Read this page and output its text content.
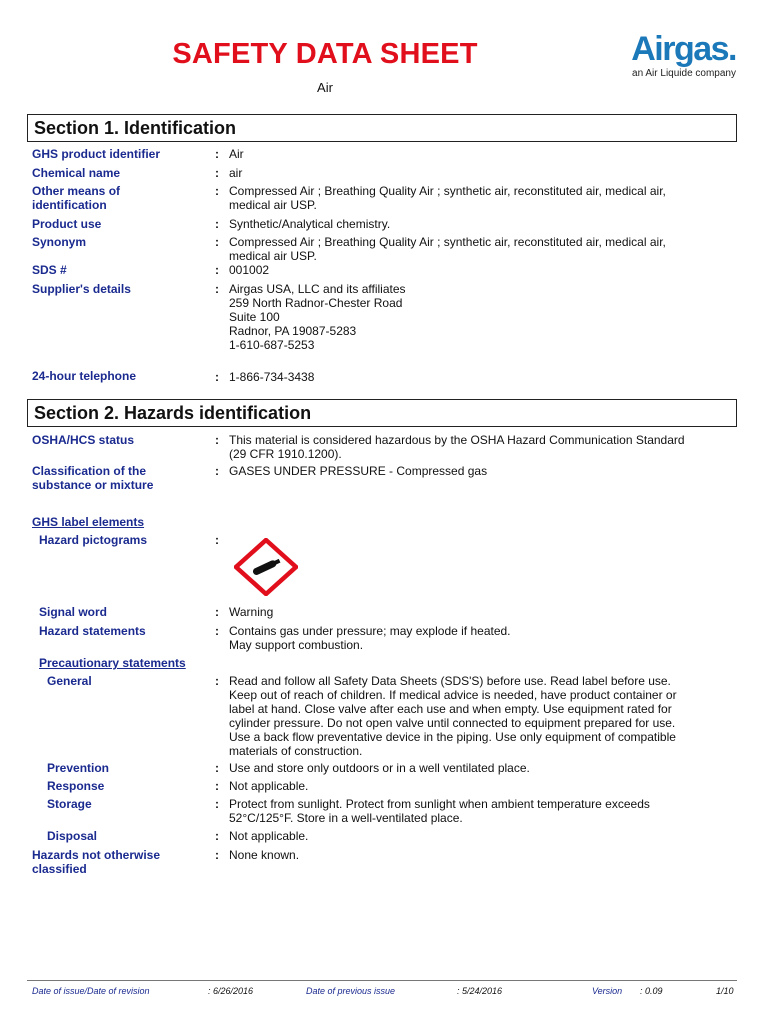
SAFETY DATA SHEET
Air
Airgas.
an Air Liquide company
Section 1. Identification
GHS product identifier	: Air
Chemical name	: air
Other means of
identification
: Compressed Air ; Breathing Quality Air ; synthetic air, reconstituted air, medical air,
medical air USP.
Product use	: Synthetic/Analytical chemistry.
Synonym	: Compressed Air ; Breathing Quality Air ; synthetic air, reconstituted air, medical air,
medical air USP.
SDS #	: 001002
Supplier's details	: Airgas USA, LLC and its affiliates
259 North Radnor-Chester Road
Suite 100
Radnor, PA 19087-5283
1-610-687-5253
24-hour telephone	: 1-866-734-3438
Section 2. Hazards identification
OSHA/HCS status	: This material is considered hazardous by the OSHA Hazard Communication Standard
(29 CFR 1910.1200).
Classification of the
substance or mixture
: GASES UNDER PRESSURE - Compressed gas
GHS label elements
Hazard pictograms	:
Signal word	: Warning
Hazard statements	: Contains gas under pressure; may explode if heated.
May support combustion.
Precautionary statements
General	: Read and follow all Safety Data Sheets (SDS'S) before use. Read label before use.
Keep out of reach of children. If medical advice is needed, have product container or
label at hand. Close valve after each use and when empty. Use equipment rated for
cylinder pressure. Do not open valve until connected to equipment prepared for use.
Use a back flow preventative device in the piping. Use only equipment of compatible
materials of construction.
Prevention	: Use and store only outdoors or in a well ventilated place.
Response	: Not applicable.
Storage	: Protect from sunlight. Protect from sunlight when ambient temperature exceeds
52°C/125°F. Store in a well-ventilated place.
Disposal	: Not applicable.
Hazards not otherwise
classified
: None known.
Date of issue/Date of revision	: 6/26/2016	Date of previous issue	: 5/24/2016	Version : 0.09	1/10
